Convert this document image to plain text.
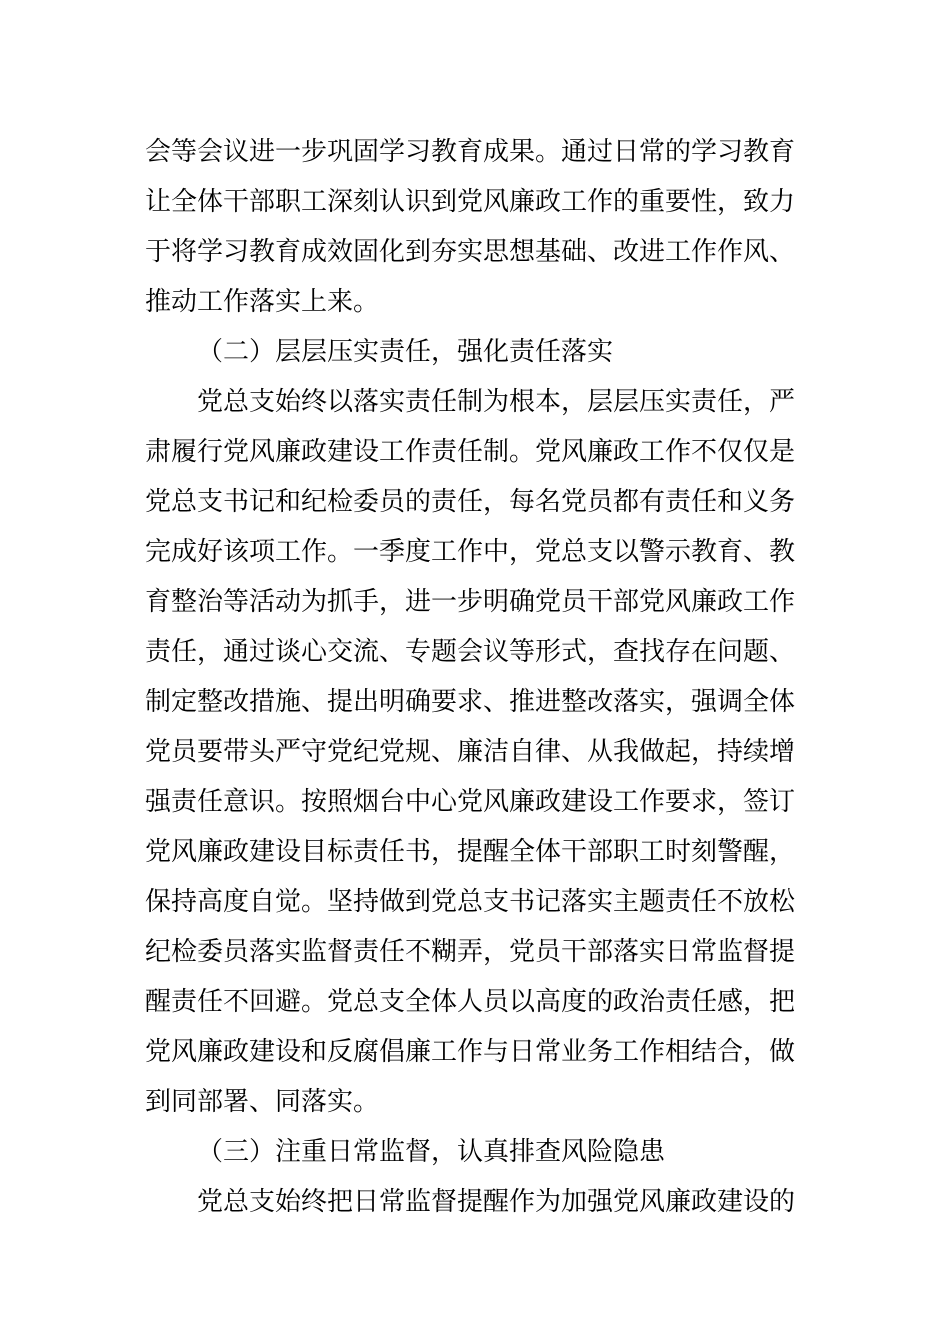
会等会议进一步巩固学习教育成果。通过日常的学习教育
让全体干部职工深刻认识到党风廉政工作的重要性，致力
于将学习教育成效固化到夯实思想基础、改进工作作风、
推动工作落实上来。
（二）层层压实责任，强化责任落实
党总支始终以落实责任制为根本，层层压实责任，严
肃履行党风廉政建设工作责任制。党风廉政工作不仅仅是
党总支书记和纪检委员的责任，每名党员都有责任和义务
完成好该项工作。一季度工作中，党总支以警示教育、教
育整治等活动为抓手，进一步明确党员干部党风廉政工作
责任，通过谈心交流、专题会议等形式，查找存在问题、
制定整改措施、提出明确要求、推进整改落实，强调全体
党员要带头严守党纪党规、廉洁自律、从我做起，持续增
强责任意识。按照烟台中心党风廉政建设工作要求，签订
党风廉政建设目标责任书，提醒全体干部职工时刻警醒，
保持高度自觉。坚持做到党总支书记落实主题责任不放松
纪检委员落实监督责任不糊弄，党员干部落实日常监督提
醒责任不回避。党总支全体人员以高度的政治责任感，把
党风廉政建设和反腐倡廉工作与日常业务工作相结合，做
到同部署、同落实。
（三）注重日常监督，认真排查风险隐患
党总支始终把日常监督提醒作为加强党风廉政建设的
